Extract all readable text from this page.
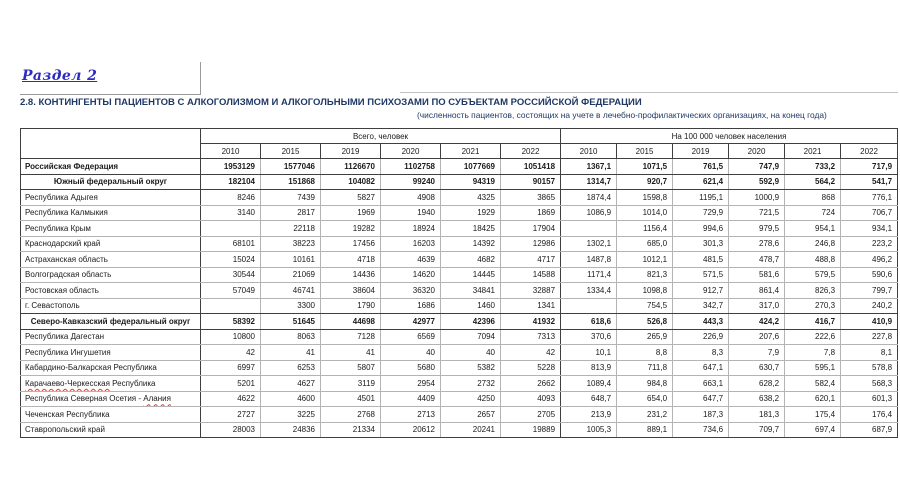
Раздел 2
2.8. КОНТИНГЕНТЫ ПАЦИЕНТОВ С АЛКОГОЛИЗМОМ И АЛКОГОЛЬНЫМИ ПСИХОЗАМИ ПО СУБЪЕКТАМ РОССИЙСКОЙ ФЕДЕРАЦИИ
(численность пациентов, состоящих на учете в лечебно-профилактических организациях, на конец года)
	Всего, человек						На 100 000 человек населения					
	2010	2015	2019	2020	2021	2022	2010	2015	2019	2020	2021	2022
Российская Федерация	1953129	1577046	1126670	1102758	1077669	1051418	1367,1	1071,5	761,5	747,9	733,2	717,9
Южный федеральный округ	182104	151868	104082	99240	94319	90157	1314,7	920,7	621,4	592,9	564,2	541,7
Республика Адыгея	8246	7439	5827	4908	4325	3865	1874,4	1598,8	1195,1	1000,9	868	776,1
Республика Калмыкия	3140	2817	1969	1940	1929	1869	1086,9	1014,0	729,9	721,5	724	706,7
Республика Крым		22118	19282	18924	18425	17904		1156,4	994,6	979,5	954,1	934,1
Краснодарский край	68101	38223	17456	16203	14392	12986	1302,1	685,0	301,3	278,6	246,8	223,2
Астраханская область	15024	10161	4718	4639	4682	4717	1487,8	1012,1	481,5	478,7	488,8	496,2
Волгоградская область	30544	21069	14436	14620	14445	14588	1171,4	821,3	571,5	581,6	579,5	590,6
Ростовская область	57049	46741	38604	36320	34841	32887	1334,4	1098,8	912,7	861,4	826,3	799,7
г. Севастополь		3300	1790	1686	1460	1341		754,5	342,7	317,0	270,3	240,2
Северо-Кавказский федеральный округ	58392	51645	44698	42977	42396	41932	618,6	526,8	443,3	424,2	416,7	410,9
Республика Дагестан	10800	8063	7128	6569	7094	7313	370,6	265,9	226,9	207,6	222,6	227,8
Республика Ингушетия	42	41	41	40	40	42	10,1	8,8	8,3	7,9	7,8	8,1
Кабардино-Балкарская Республика	6997	6253	5807	5680	5382	5228	813,9	711,8	647,1	630,7	595,1	578,8
Карачаево-Черкесская Республика	5201	4627	3119	2954	2732	2662	1089,4	984,8	663,1	628,2	582,4	568,3
Республика Северная Осетия - Алания	4622	4600	4501	4409	4250	4093	648,7	654,0	647,7	638,2	620,1	601,3
Чеченская Республика	2727	3225	2768	2713	2657	2705	213,9	231,2	187,3	181,3	175,4	176,4
Ставропольский край	28003	24836	21334	20612	20241	19889	1005,3	889,1	734,6	709,7	697,4	687,9
